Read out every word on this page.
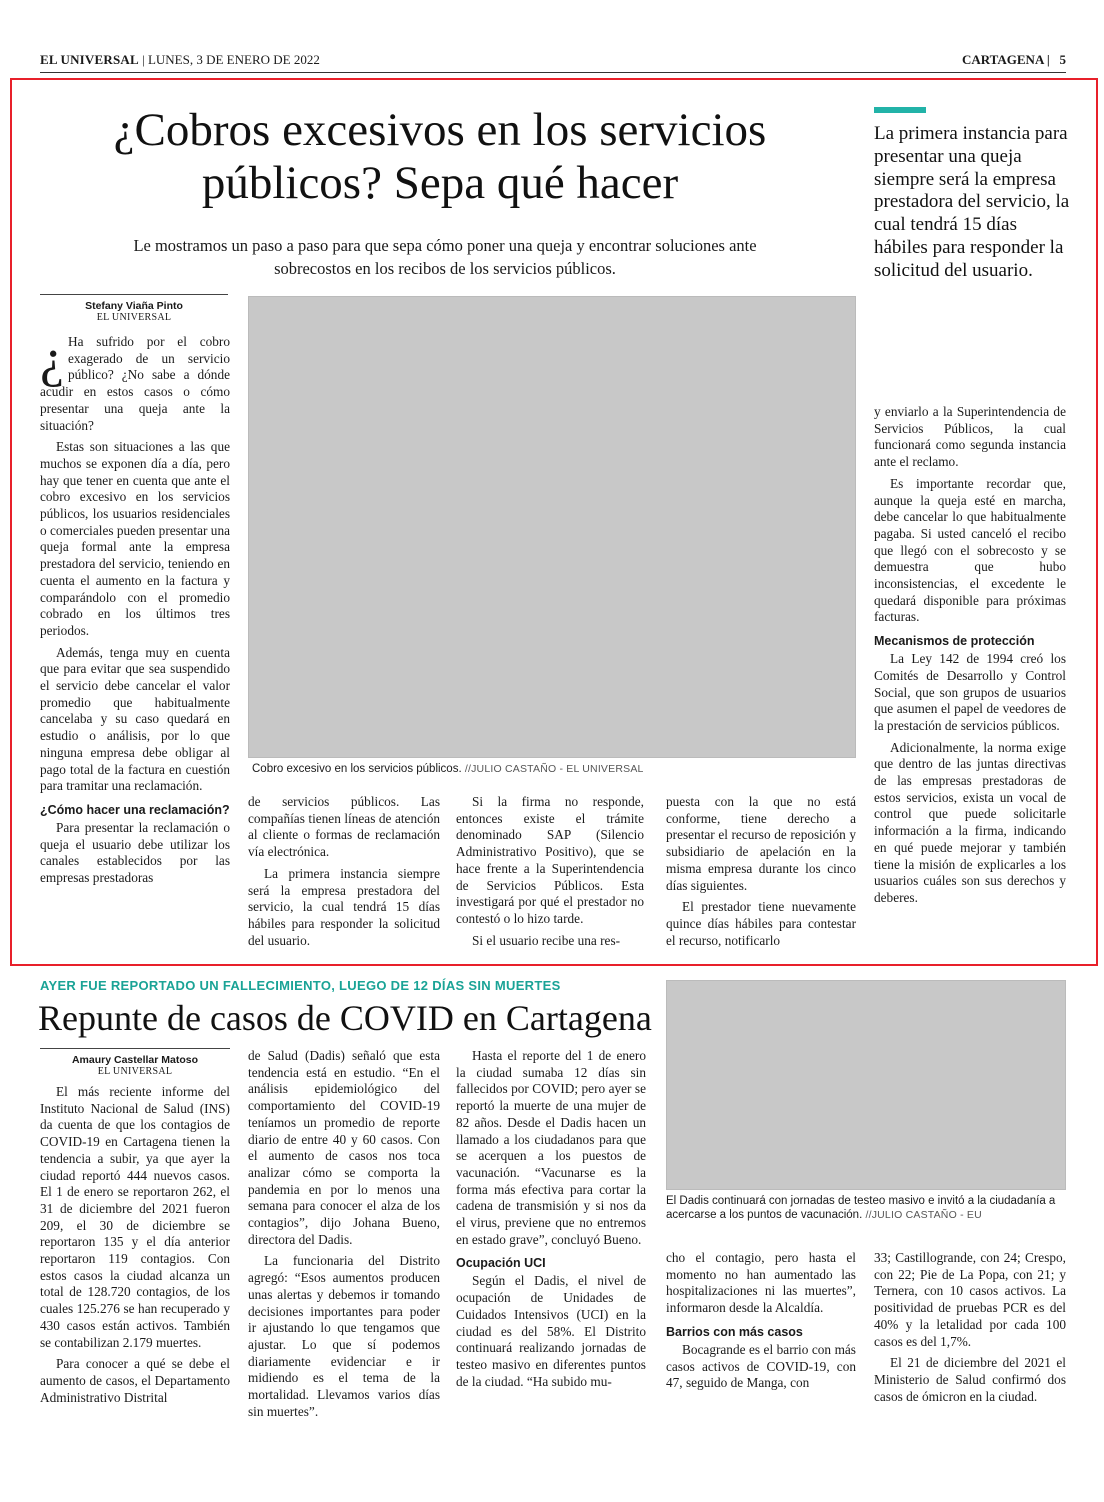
EL UNIVERSAL | LUNES, 3 DE ENERO DE 2022	CARTAGENA |   5
¿Cobros excesivos en los servicios públicos? Sepa qué hacer

Le mostramos un paso a paso para que sepa cómo poner una queja y encontrar soluciones ante sobrecostos en los recibos de los servicios públicos.

La primera instancia para presentar una queja siempre será la empresa prestadora del servicio, la cual tendrá 15 días hábiles para responder la solicitud del usuario.

Stefany Viaña Pinto
EL UNIVERSAL

¿ Ha sufrido por el cobro exagerado de un servicio público? ¿No sabe a dónde acudir en estos casos o cómo presentar una queja ante la situación?

Estas son situaciones a las que muchos se exponen día a día, pero hay que tener en cuenta que ante el cobro excesivo en los servicios públicos, los usuarios residenciales o comerciales pueden presentar una queja formal ante la empresa prestadora del servicio, teniendo en cuenta el aumento en la factura y comparándolo con el promedio cobrado en los últimos tres periodos.

Además, tenga muy en cuenta que para evitar que sea suspendido el servicio debe cancelar el valor promedio que habitualmente cancelaba y su caso quedará en estudio o análisis, por lo que ninguna empresa debe obligar al pago total de la factura en cuestión para tramitar una reclamación.

¿Cómo hacer una reclamación?

Para presentar la reclamación o queja el usuario debe utilizar los canales establecidos por las empresas prestadoras

Cobro excesivo en los servicios públicos. //JULIO CASTAÑO - EL UNIVERSAL

de servicios públicos. Las compañías tienen líneas de atención al cliente o formas de reclamación vía electrónica.

La primera instancia siempre será la empresa prestadora del servicio, la cual tendrá 15 días hábiles para responder la solicitud del usuario.

Si la firma no responde, entonces existe el trámite denominado SAP (Silencio Administrativo Positivo), que se hace frente a la Superintendencia de Servicios Públicos. Esta investigará por qué el prestador no contestó o lo hizo tarde.

Si el usuario recibe una res-

puesta con la que no está conforme, tiene derecho a presentar el recurso de reposición y subsidiario de apelación en la misma empresa durante los cinco días siguientes.

El prestador tiene nuevamente quince días hábiles para contestar el recurso, notificarlo

y enviarlo a la Superintendencia de Servicios Públicos, la cual funcionará como segunda instancia ante el reclamo.

Es importante recordar que, aunque la queja esté en marcha, debe cancelar lo que habitualmente pagaba. Si usted canceló el recibo que llegó con el sobrecosto y se demuestra que hubo inconsistencias, el excedente le quedará disponible para próximas facturas.

Mecanismos de protección

La Ley 142 de 1994 creó los Comités de Desarrollo y Control Social, que son grupos de usuarios que asumen el papel de veedores de la prestación de servicios públicos.

Adicionalmente, la norma exige que dentro de las juntas directivas de las empresas prestadoras de estos servicios, exista un vocal de control que puede solicitarle información a la firma, indicando en qué puede mejorar y también tiene la misión de explicarles a los usuarios cuáles son sus derechos y deberes.

AYER FUE REPORTADO UN FALLECIMIENTO, LUEGO DE 12 DÍAS SIN MUERTES
Repunte de casos de COVID en Cartagena
Amaury Castellar Matoso
EL UNIVERSAL

El más reciente informe del Instituto Nacional de Salud (INS) da cuenta de que los contagios de COVID-19 en Cartagena tienen la tendencia a subir, ya que ayer la ciudad reportó 444 nuevos casos. El 1 de enero se reportaron 262, el 31 de diciembre del 2021 fueron 209, el 30 de diciembre se reportaron 135 y el día anterior reportaron 119 contagios. Con estos casos la ciudad alcanza un total de 128.720 contagios, de los cuales 125.276 se han recuperado y 430 casos están activos. También se contabilizan 2.179 muertes.

Para conocer a qué se debe el aumento de casos, el Departamento Administrativo Distrital

de Salud (Dadis) señaló que esta tendencia está en estudio. “En el análisis epidemiológico del comportamiento del COVID-19 teníamos un promedio de reporte diario de entre 40 y 60 casos. Con el aumento de casos nos toca analizar cómo se comporta la pandemia en por lo menos una semana para conocer el alza de los contagios”, dijo Johana Bueno, directora del Dadis.

La funcionaria del Distrito agregó: “Esos aumentos producen unas alertas y debemos ir tomando decisiones importantes para poder ir ajustando lo que tengamos que ajustar. Lo que sí podemos diariamente evidenciar e ir midiendo es el tema de la mortalidad. Llevamos varios días sin muertes”.

Hasta el reporte del 1 de enero la ciudad sumaba 12 días sin fallecidos por COVID; pero ayer se reportó la muerte de una mujer de 82 años. Desde el Dadis hacen un llamado a los ciudadanos para que se acerquen a los puestos de vacunación. “Vacunarse es la forma más efectiva para cortar la cadena de transmisión y si nos da el virus, previene que no entremos en estado grave”, concluyó Bueno.

Ocupación UCI

Según el Dadis, el nivel de ocupación de Unidades de Cuidados Intensivos (UCI) en la ciudad es del 58%. El Distrito continuará realizando jornadas de testeo masivo en diferentes puntos de la ciudad. “Ha subido mu-

El Dadis continuará con jornadas de testeo masivo e invitó a la ciudadanía a acercarse a los puntos de vacunación. //JULIO CASTAÑO - EU

cho el contagio, pero hasta el momento no han aumentado las hospitalizaciones ni las muertes”, informaron desde la Alcaldía.

Barrios con más casos

Bocagrande es el barrio con más casos activos de COVID-19, con 47, seguido de Manga, con

33; Castillogrande, con 24; Crespo, con 22; Pie de La Popa, con 21; y Ternera, con 10 casos activos. La positividad de pruebas PCR es del 40% y la letalidad por cada 100 casos es del 1,7%.

El 21 de diciembre del 2021 el Ministerio de Salud confirmó dos casos de ómicron en la ciudad.
